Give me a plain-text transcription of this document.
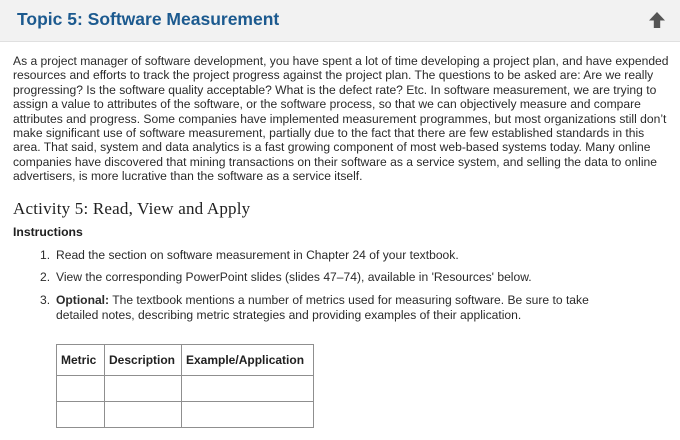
Topic 5: Software Measurement

As a project manager of software development, you have spent a lot of time developing a project plan, and have expended resources and efforts to track the project progress against the project plan. The questions to be asked are: Are we really progressing? Is the software quality acceptable? What is the defect rate? Etc. In software measurement, we are trying to assign a value to attributes of the software, or the software process, so that we can objectively measure and compare attributes and progress. Some companies have implemented measurement programmes, but most organizations still don’t make significant use of software measurement, partially due to the fact that there are few established standards in this area. That said, system and data analytics is a fast growing component of most web-based systems today. Many online companies have discovered that mining transactions on their software as a service system, and selling the data to online advertisers, is more lucrative than the software as a service itself.

Activity 5: Read, View and Apply
Instructions
1. Read the section on software measurement in Chapter 24 of your textbook.
2. View the corresponding PowerPoint slides (slides 47–74), available in 'Resources' below.
3. Optional: The textbook mentions a number of metrics used for measuring software. Be sure to take detailed notes, describing metric strategies and providing examples of their application.
Metric	Description	Example/Application
